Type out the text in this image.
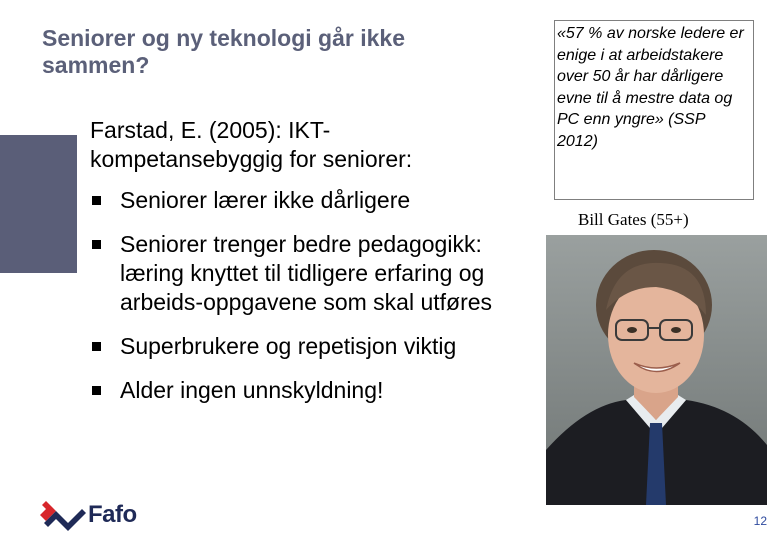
Seniorer og ny teknologi går ikke sammen?
Farstad, E. (2005): IKT-kompetansebyggig for seniorer:
Seniorer lærer ikke dårligere
Seniorer trenger bedre pedagogikk: læring knyttet til tidligere erfaring og arbeids-oppgavene som skal utføres
Superbrukere og repetisjon viktig
Alder ingen unnskyldning!
«57 % av norske ledere er enige i at arbeidstakere over 50 år har dårligere evne til å mestre data og PC enn yngre» (SSP 2012)
Bill Gates (55+)
Fafo	12
